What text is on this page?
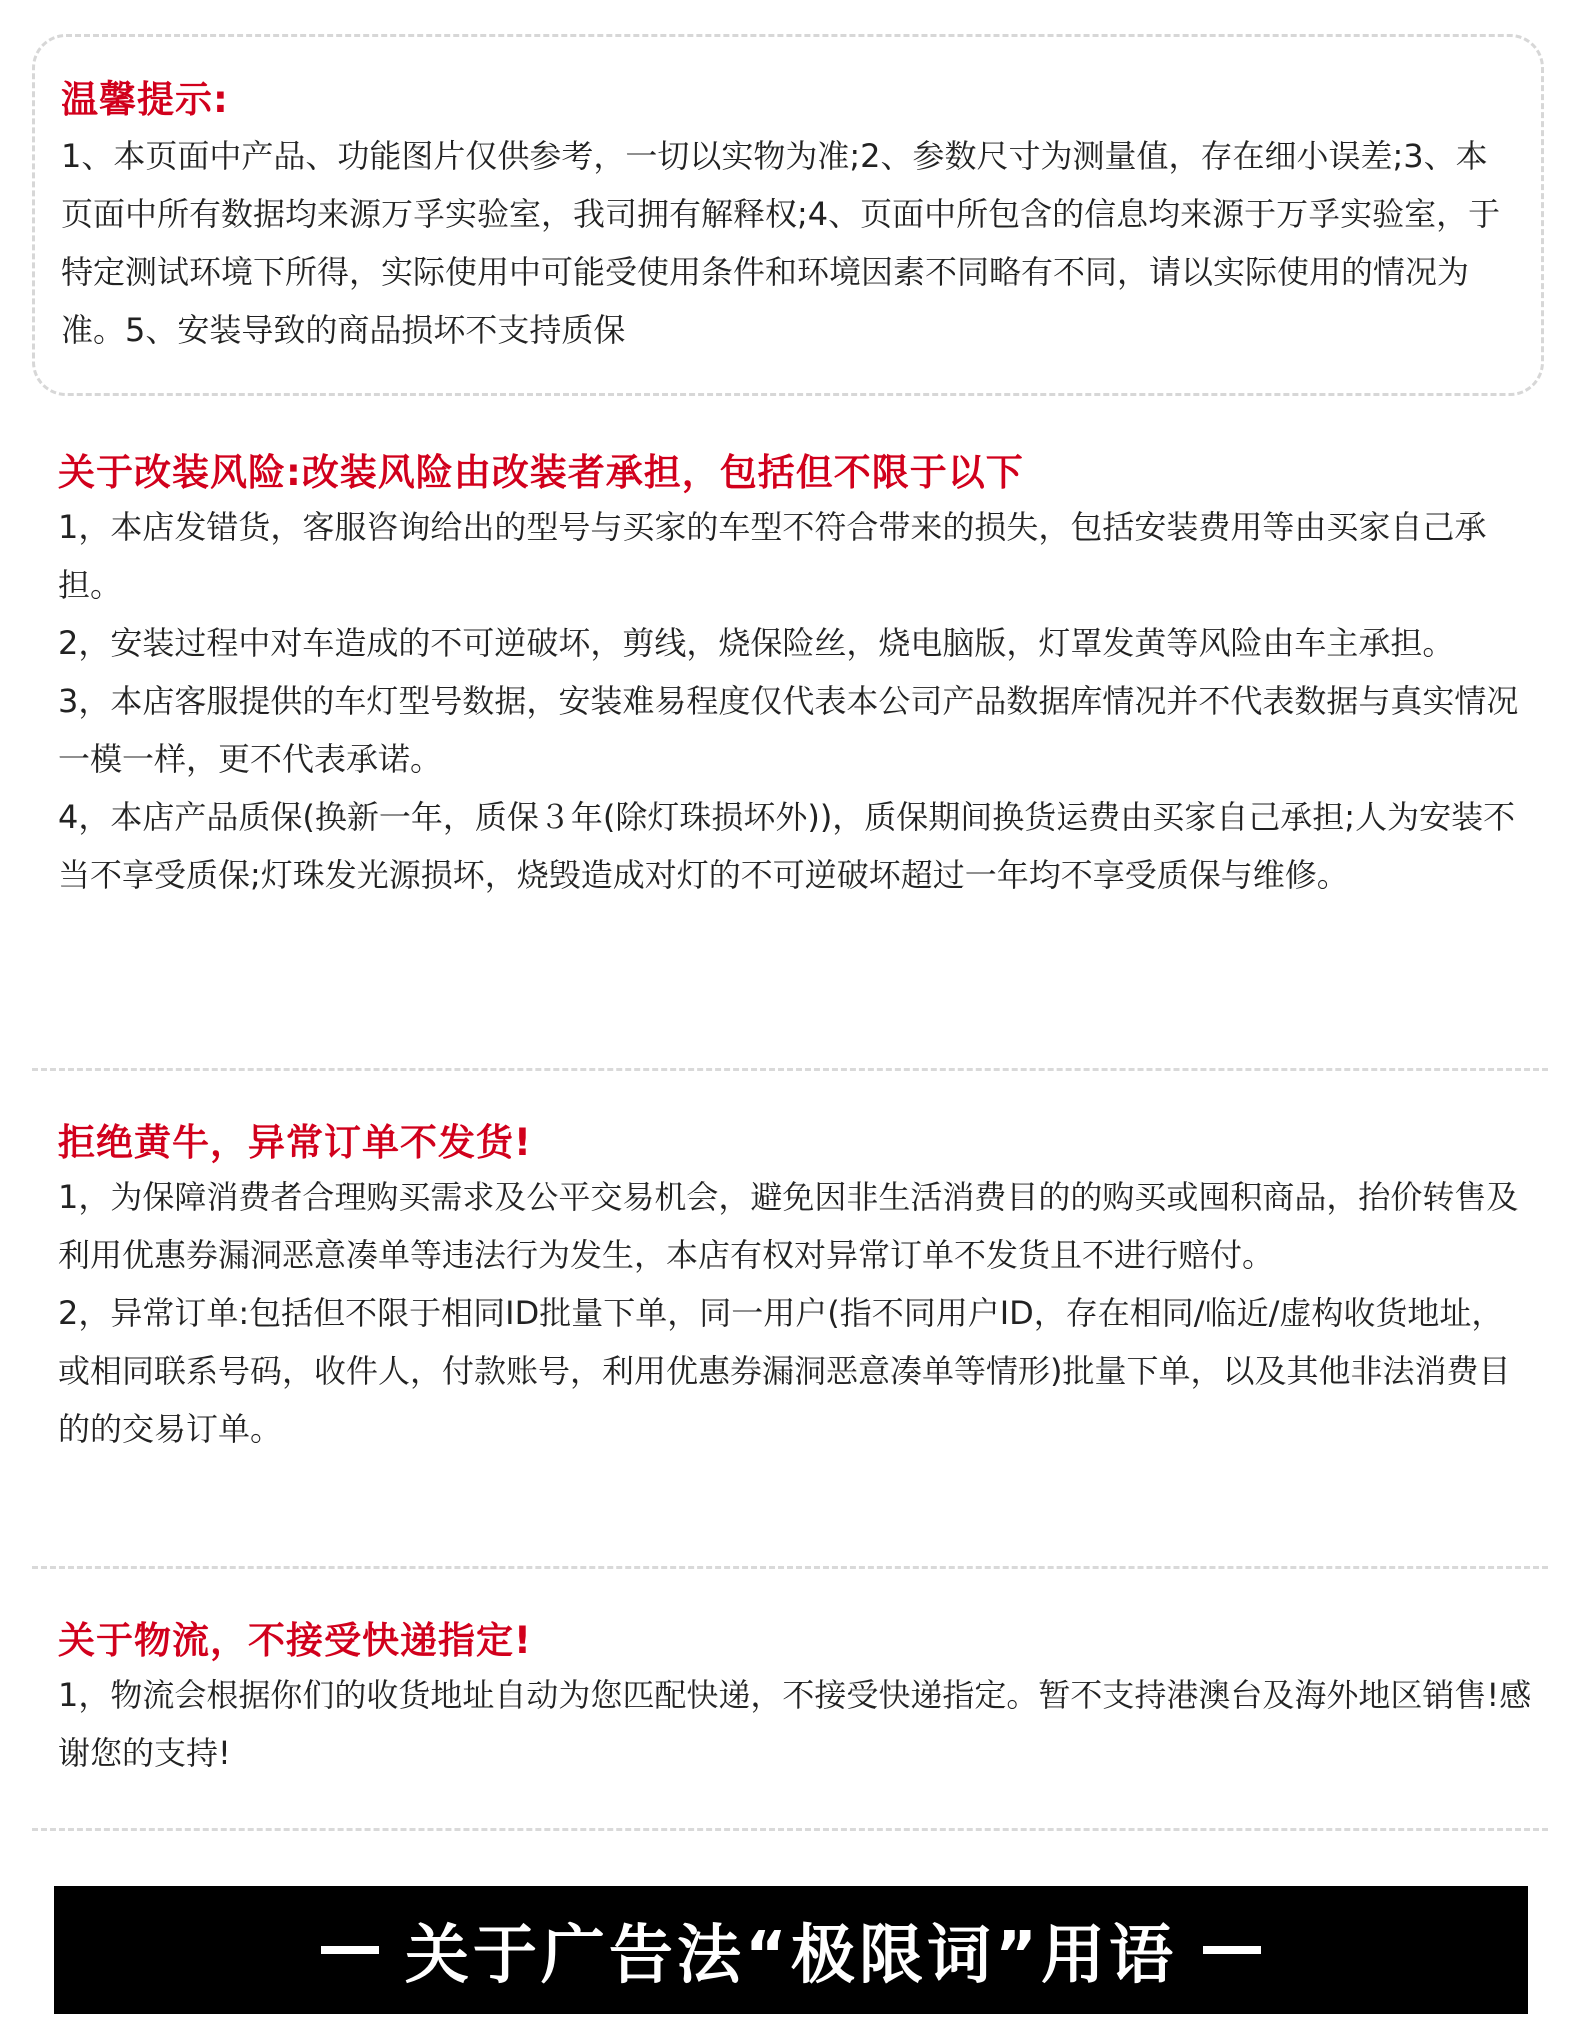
温馨提示:

1、本页面中产品、功能图片仅供参考，一切以实物为准;2、参数尺寸为测量值，存在细小误差;3、本页面中所有数据均来源万孚实验室，我司拥有解释权;4、页面中所包含的信息均来源于万孚实验室，于特定测试环境下所得，实际使用中可能受使用条件和环境因素不同略有不同，请以实际使用的情况为准。5、安装导致的商品损坏不支持质保

关于改装风险:改装风险由改装者承担，包括但不限于以下

1，本店发错货，客服咨询给出的型号与买家的车型不符合带来的损失，包括安装费用等由买家自己承担。

2，安装过程中对车造成的不可逆破坏，剪线，烧保险丝，烧电脑版，灯罩发黄等风险由车主承担。

3，本店客服提供的车灯型号数据，安装难易程度仅代表本公司产品数据库情况并不代表数据与真实情况一模一样，更不代表承诺。

4，本店产品质保(换新一年，质保３年(除灯珠损坏外))，质保期间换货运费由买家自己承担;人为安装不当不享受质保;灯珠发光源损坏，烧毁造成对灯的不可逆破坏超过一年均不享受质保与维修。

拒绝黄牛，异常订单不发货!

1，为保障消费者合理购买需求及公平交易机会，避免因非生活消费目的的购买或囤积商品，抬价转售及利用优惠券漏洞恶意凑单等违法行为发生，本店有权对异常订单不发货且不进行赔付。

2，异常订单:包括但不限于相同ID批量下单，同一用户(指不同用户ID，存在相同/临近/虚构收货地址，或相同联系号码，收件人，付款账号，利用优惠券漏洞恶意凑单等情形)批量下单，以及其他非法消费目的的交易订单。

关于物流，不接受快递指定!

1，物流会根据你们的收货地址自动为您匹配快递，不接受快递指定。暂不支持港澳台及海外地区销售!感谢您的支持!

关于广告法“极限词”用语
